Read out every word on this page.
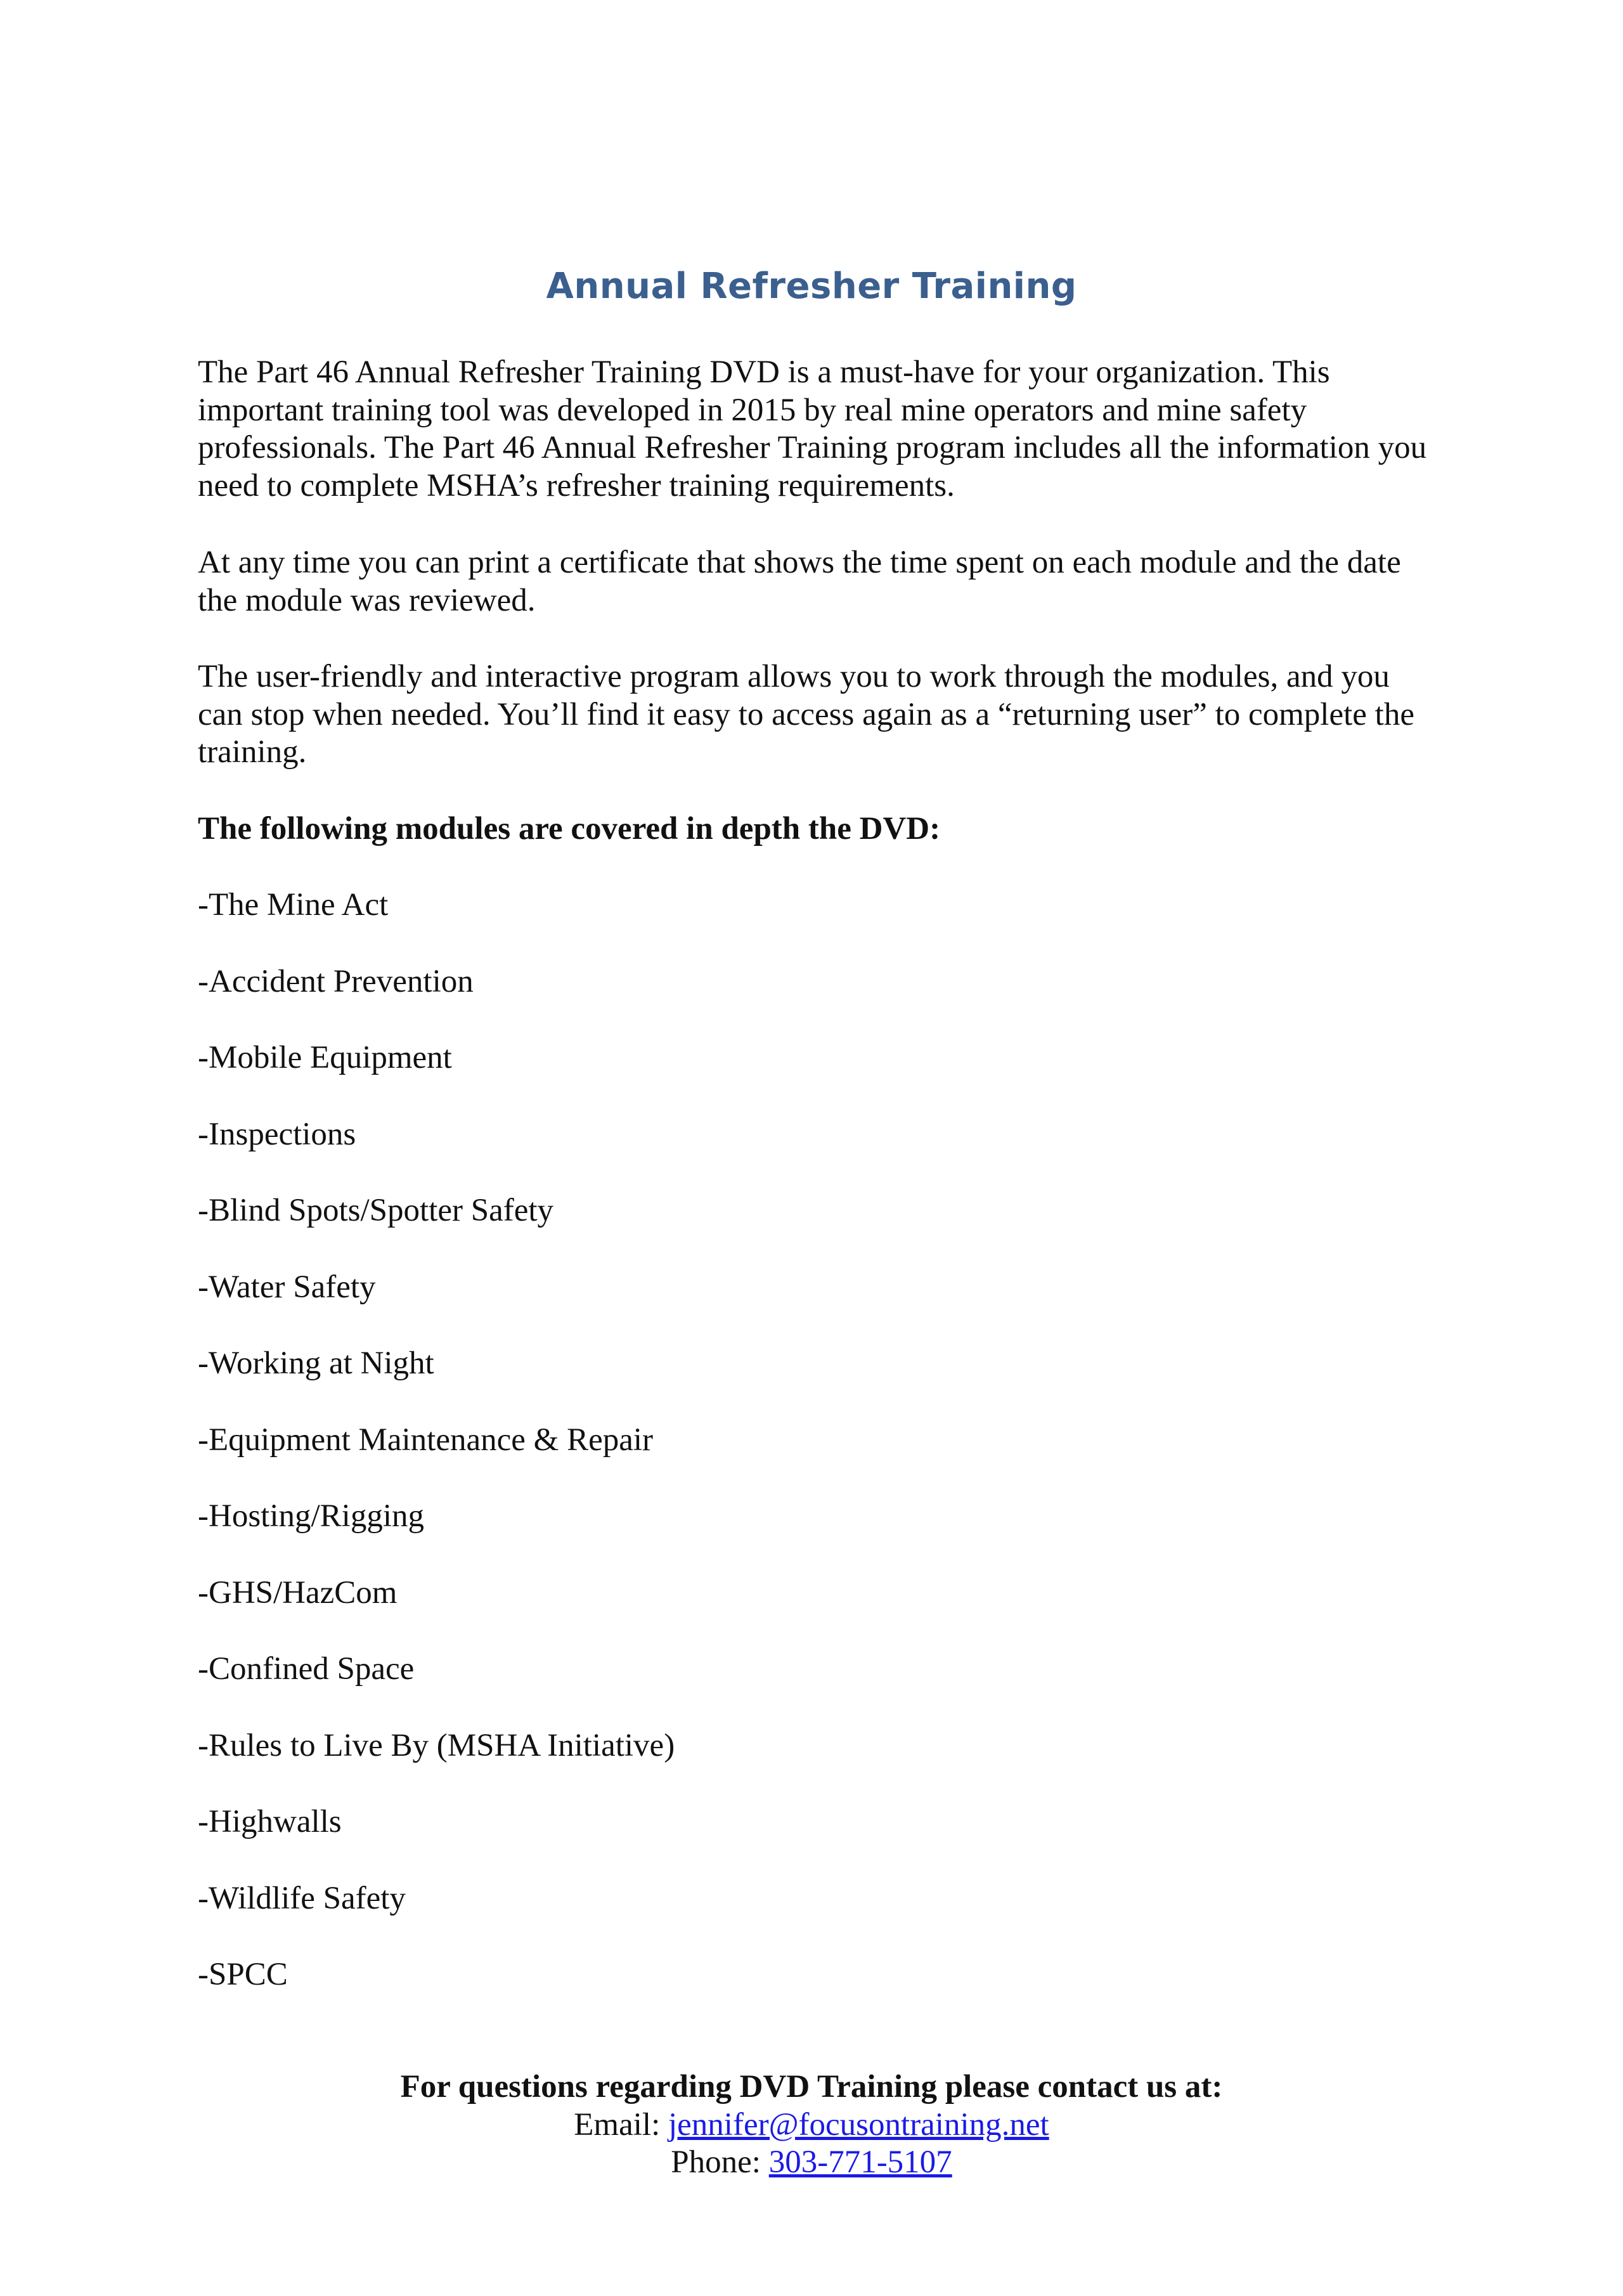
Annual Refresher Training
The Part 46 Annual Refresher Training DVD is a must-have for your organization. This important training tool was developed in 2015 by real mine operators and mine safety professionals. The Part 46 Annual Refresher Training program includes all the information you need to complete MSHA’s refresher training requirements.
At any time you can print a certificate that shows the time spent on each module and the date the module was reviewed.
The user-friendly and interactive program allows you to work through the modules, and you can stop when needed. You’ll find it easy to access again as a “returning user” to complete the training.
The following modules are covered in depth the DVD:
-The Mine Act
-Accident Prevention
-Mobile Equipment
-Inspections
-Blind Spots/Spotter Safety
-Water Safety
-Working at Night
-Equipment Maintenance & Repair
-Hosting/Rigging
-GHS/HazCom
-Confined Space
-Rules to Live By (MSHA Initiative)
-Highwalls
-Wildlife Safety
-SPCC
For questions regarding DVD Training please contact us at:
Email: jennifer@focusontraining.net
Phone: 303-771-5107
